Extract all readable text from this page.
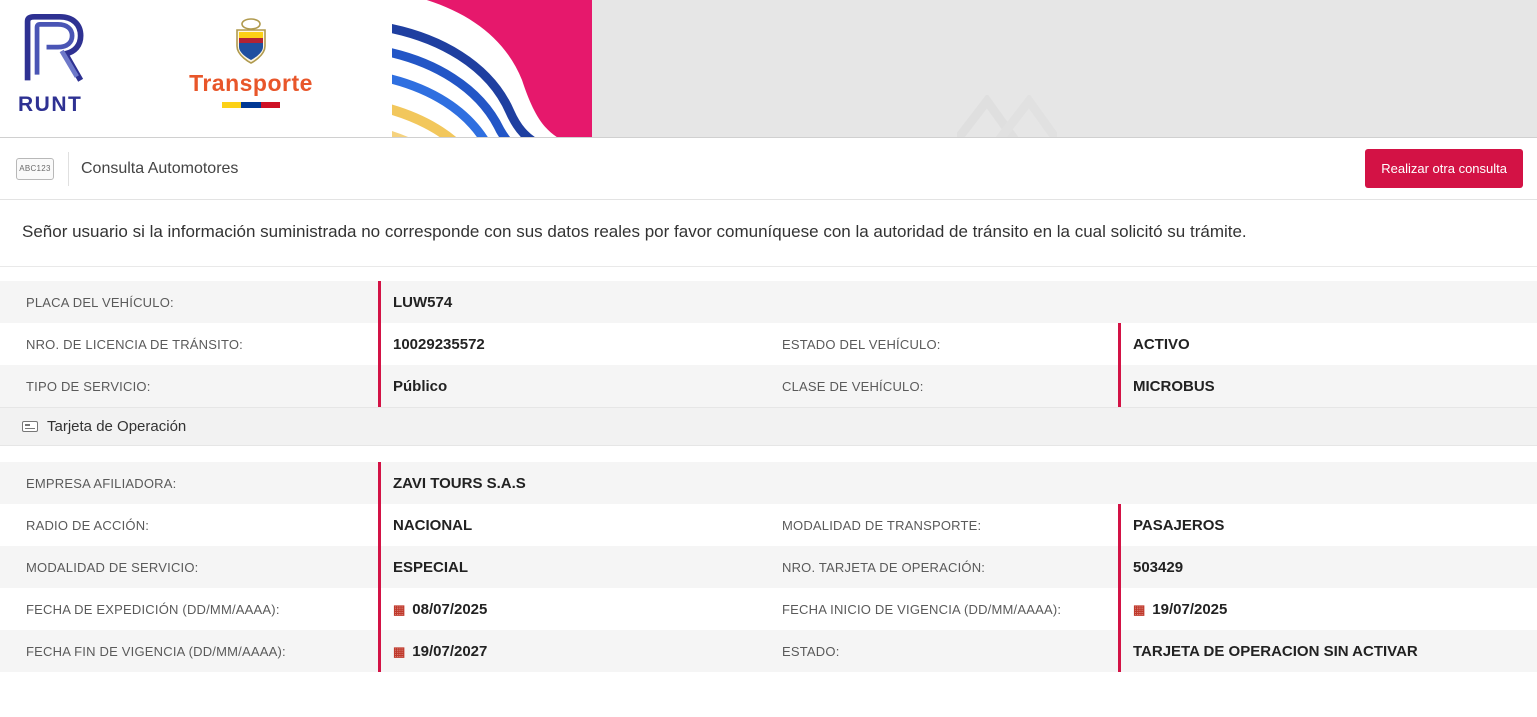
RUNT
Transporte
ABC123	Consulta Automotores	Realizar otra consulta
Señor usuario si la información suministrada no corresponde con sus datos reales por favor comuníquese con la autoridad de tránsito en la cual solicitó su trámite.
PLACA DEL VEHÍCULO:	LUW574
NRO. DE LICENCIA DE TRÁNSITO:	10029235572	ESTADO DEL VEHÍCULO:	ACTIVO
TIPO DE SERVICIO:	Público	CLASE DE VEHÍCULO:	MICROBUS
Tarjeta de Operación
EMPRESA AFILIADORA:	ZAVI TOURS S.A.S
RADIO DE ACCIÓN:	NACIONAL	MODALIDAD DE TRANSPORTE:	PASAJEROS
MODALIDAD DE SERVICIO:	ESPECIAL	NRO. TARJETA DE OPERACIÓN:	503429
FECHA DE EXPEDICIÓN (DD/MM/AAAA):	▦ 08/07/2025	FECHA INICIO DE VIGENCIA (DD/MM/AAAA):	▦ 19/07/2025
FECHA FIN DE VIGENCIA (DD/MM/AAAA):	▦ 19/07/2027	ESTADO:	TARJETA DE OPERACION SIN ACTIVAR
